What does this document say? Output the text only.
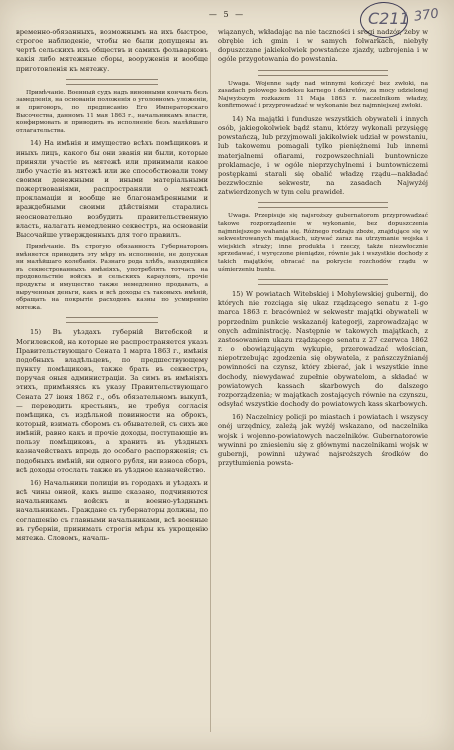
C211 370
— 5 —
временно-обязанныхъ, возможнымъ на ихъ быстрое, строгое наблюденіе, чтобы не были допущены въ чертѣ сельскихъ ихъ обществъ и самихъ фольварковъ какія либо мятежные сборы, вооруженія и вообще приготовленія къ мятежу.
Примѣчаніе. Военный судъ надъ виновными кончать безъ замедленія, на основаніи положенія о уголовномъ уложеніи, и приговоръ, по предписанію Его Императорскаго Высочества, данномъ 11 мая 1863 г., начальникамъ власти, конфирмовать и приводить въ исполненіе безъ малѣйшаго отлагательства.
14) На имѣнія и имущество всѣхъ помѣщиковъ и иныхъ лицъ, какого бы они званія ни были, которые приняли участіе въ мятежѣ или принимали какое либо участіе въ мятежѣ или же способствовали тому своими денежными и иными матеріальными пожертвованіями, распространяли о мятежѣ прокламаціи и вообще не благонамѣренными и враждебными своими дѣйствіями старались неосновательно возбудить правительственную власть, налагать немедленно секвестръ, на основаніи Высочайше утвержденныхъ для того правилъ.
Примѣчаніе. Въ строгую обязанность Губернаторовъ вмѣняется приводить эту мѣру въ исполненіе, не допуская ни малѣйшаго колебанія. Разнаго рода хлѣбъ, находящійся въ секвестрованныхъ имѣніяхъ, употреблять тотчасъ на продовольствіе войскъ и сельскихъ карауловъ, прочіе продукты и имущество также немедленно продавать, а вырученныя деньги, какъ и всѣ доходы съ таковыхъ имѣній, обращать на покрытіе расходовъ казны по усмиренію мятежа.
15) Въ уѣздахъ губерній Витебской и Могилевской, на которые не распространяется указъ Правительствующаго Сената 1 марта 1863 г., имѣнія подобныхъ владѣльцевъ, по предшествующему пункту помѣщиковъ, также брать въ секвестръ, поручая оныя администраціи. За симъ въ имѣніяхъ этихъ, примѣняясь къ указу Правительствующаго Сената 27 іюня 1862 г., объ обязательномъ выкупѣ, — переводить крестьянъ, не требуя согласія помѣщика, съ издѣльной повинности на оброкъ, который, взимать сборомъ съ обывателей, съ сихъ же имѣній, равно какъ и прочіе доходы, поступающіе въ пользу помѣщиковъ, а хранить въ уѣздныхъ казначействахъ впредь до особаго распоряженія; съ подобныхъ имѣній, ни одного рубля, ни взноса сборъ, всѣ доходы отослать также въ уѣздное казначейство.
16) Начальники полиціи въ городахъ и уѣздахъ и всѣ чины онной, какъ выше сказано, подчиняются начальникамъ войскъ и военно-уѣзднымъ начальникамъ. Граждане съ губернаторы должны, по соглашенію съ главными начальниками, всѣ военные въ губерніи, принимать строгія мѣры къ укрощенію мятежа. Словомъ, началь-
wiązanych, wkładając na nie taczności i srogi nadzór, żeby w obrębie ich gmin i w samych folwarkach, niebyły dopuszczane jakiekolwiek powstańcze zjazdy, uzbrojenia i w ogóle przygotowania do powstania.
Uwaga. Wojenne sądy nad winnymi kończyć bez zwłoki, na zasadach polowego kodeksu karnego i dekretów, za mocy udzielonej Najwyższym rozkazem 11 Maja 1863 r. naczelnikom władzy, konfirmować i przyprowadzać w wykonanie bez najmniejszej zwłoki.
14) Na majątki i fundusze wszystkich obywateli i innych osób, jakiegokolwiek bądź stanu, którzy wykonali przysięgę powstańczą, lub przyjmowali jakikolwiek udział w powstaniu, lub takowemu pomagali tylko pieniężnemi lub innemi materjalnemi ofiarami, rozpowszechniali buntownicze proklamacje, i w ogóle nieprzychylnemi i buntowniczemi postępkami starali się obalić władzę rządu—nakładać bezzwłocznie sekwestr, na zasadach Najwyżéj zatwierdzonych w tym celu prawideł.
Uwaga. Przepisuje się najsroższy gubernatorom przyprowadzać takowe rozporządzenie w wykonanie, bez dopuszczenia najmniejszego wahania się. Różnego rodzaju zboże, znajdujące się w sekwestrowanych majątkach, używać zaraz na utrzymanie wojska i wiejskich straży; inne produkta i rzeczy, także niezwłocznie sprzedawać, i wyręczone pieniądze, równie jak i wszystkie dochody z takich majątków, obracać na pokrycie rozchodów rządu w uśmierzeniu buntu.
15) W powiatach Witebskiej i Mohylewskiej gubernij, do których nie rozciąga się ukaz rządzącego senatu z 1-go marca 1863 r. bracównież w sekwestr majątki obywateli w poprzednim punkcie wskazanéj kategorji, zaprowadzając w onych administrację. Następnie w takowych majątkach, z zastosowaniem ukazu rządzącego senatu z 27 czerwca 1862 r. o obowiązującym wykupie, przerowadzać włościan, niepotrzebując zgodzenia się obywatela, z pańszczyźnianéj powinności na czynsz, który zbierać, jak i wszystkie inne dochody, niewydawać zupełnie obywatelom, a składać w powiatowych kassach skarbowych do dalszego rozporządzenia; w majątkach zostających równie na czynszu, odsyłać wszystkie dochody do powiatowych kass skarbowych.
16) Naczelnicy policji po miastach i powiatach i wszyscy onéj urzędnicy, zależą jak wyżéj wskazano, od naczelnika wojsk i wojenno-powiatowych naczelników. Gubernatorowie wywinni po zniesieniu się z głównymi naczelnikami wojsk w gubernji, powinni używać najsroższych środków do przytłumienia powsta-
